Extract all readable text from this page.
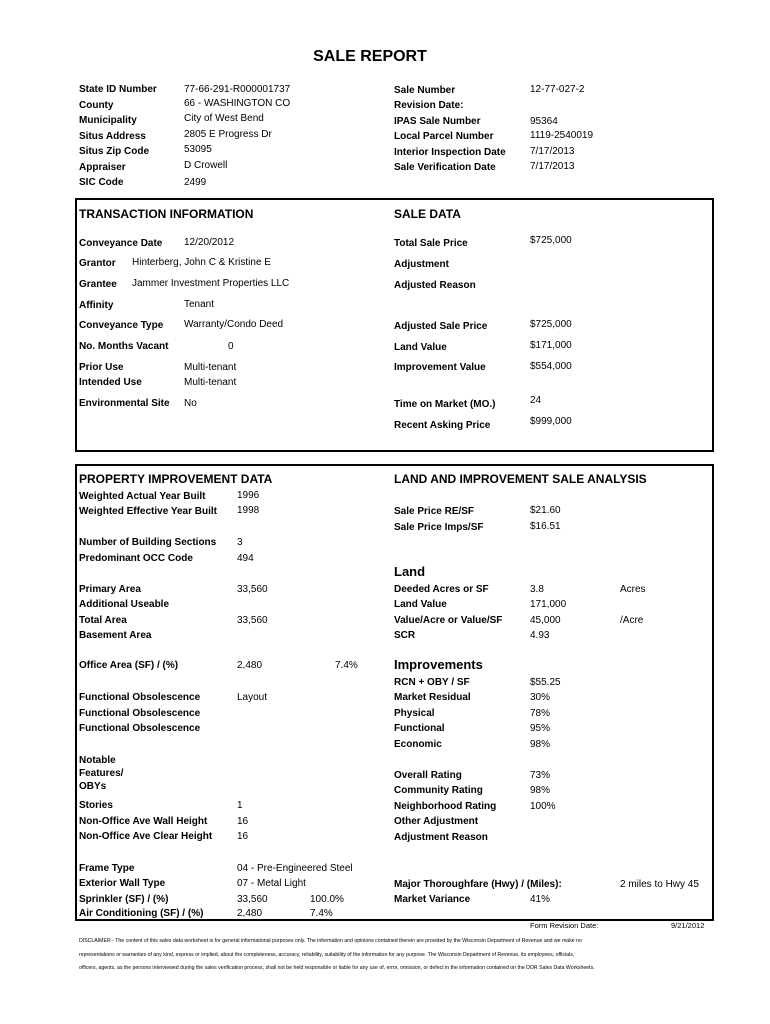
SALE REPORT
State ID Number	77-66-291-R000001737
County	66 - WASHINGTON CO
Municipality	City of West Bend
Situs Address	2805 E Progress Dr
Situs Zip Code	53095
Appraiser	D Crowell
SIC Code	2499
Sale Number	12-77-027-2
Revision Date:
IPAS Sale Number	95364
Local Parcel Number	1119-2540019
Interior Inspection Date 7/17/2013
Sale Verification Date	7/17/2013
TRANSACTION INFORMATION	SALE DATA
Conveyance Date 12/20/2012
Grantor Hinterberg, John C & Kristine E
Grantee Jammer Investment Properties LLC
Affinity	Tenant
Conveyance Type Warranty/Condo Deed
No. Months Vacant	0
Prior Use	Multi-tenant
Intended Use	Multi-tenant
Environmental Site No
Total Sale Price	$725,000
Adjustment
Adjusted Reason
Adjusted Sale Price	$725,000
Land Value	$171,000
Improvement Value	$554,000
Time on Market (MO.)	24
Recent Asking Price	$999,000
PROPERTY IMPROVEMENT DATA	LAND AND IMPROVEMENT SALE ANALYSIS
Weighted Actual Year Built	1996
Weighted Effective Year Built 1998
Number of Building Sections 3
Predominant OCC Code	494
Primary Area	33,560
Additional Useable
Total Area	33,560
Basement Area
Office Area (SF) / (%)	2,480	7.4%
Functional Obsolescence	Layout
Functional Obsolescence
Functional Obsolescence
Notable
Features/
OBYs
Stories	1
Non-Office Ave Wall Height	16
Non-Office Ave Clear Height 16
Frame Type	04 - Pre-Engineered Steel
Exterior Wall Type	07 - Metal Light
Sprinkler (SF) / (%)	33,560	100.0%
Air Conditioning (SF) / (%)	2,480	7.4%
Sale Price RE/SF	$21.60
Sale Price Imps/SF	$16.51
Land
Deeded Acres or SF	3.8	Acres
Land Value	171,000
Value/Acre or Value/SF	45,000	/Acre
SCR	4.93
Improvements
RCN + OBY / SF	$55.25
Market Residual	30%
Physical	78%
Functional	95%
Economic	98%
Overall Rating	73%
Community Rating	98%
Neighborhood Rating	100%
Other Adjustment
Adjustment Reason
Major Thoroughfare (Hwy) / (Miles):	2 miles to Hwy 45
Market Variance	41%
Form Revision Date:	9/21/2012
DISCLAIMER - The content of this sales data worksheet is for general informational purposes only. The information and opinions contained therein are provided by the Wisconsin Department of Revenue and we make no
representations or warranties of any kind, express or implied, about the completeness, accuracy, reliability, suitability of the information for any purpose. The Wisconsin Department of Revenue, its employees, officials,
officers, agents, as the persons interviewed during the sales verification process, shall not be held responsible or liable for any use of, error, omission, or defect in the information contained on the DOR Sales Data Worksheets.
